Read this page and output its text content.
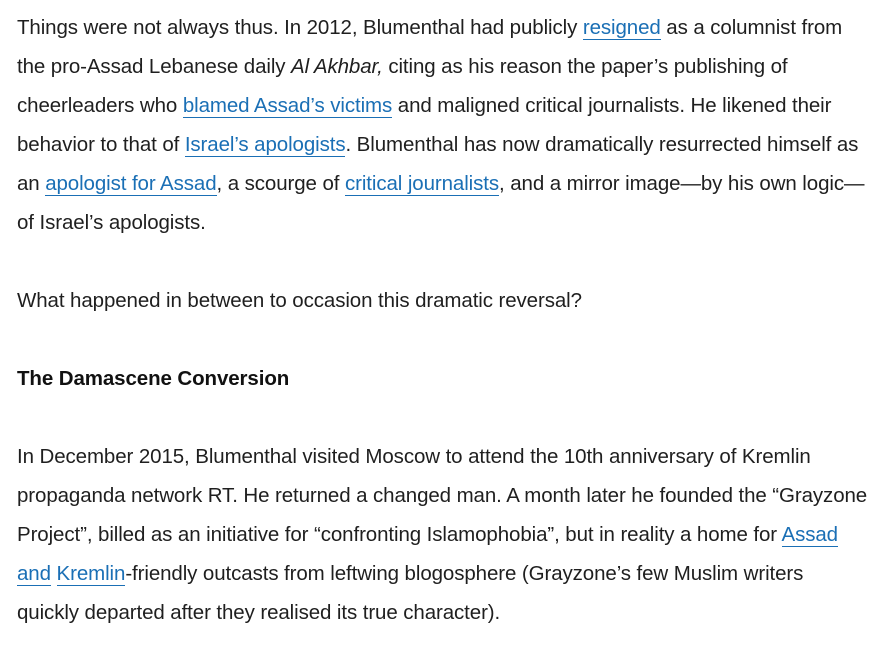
Things were not always thus. In 2012, Blumenthal had publicly resigned as a columnist from the pro-Assad Lebanese daily Al Akhbar, citing as his reason the paper’s publishing of cheerleaders who blamed Assad’s victims and maligned critical journalists. He likened their behavior to that of Israel’s apologists. Blumenthal has now dramatically resurrected himself as an apologist for Assad, a scourge of critical journalists, and a mirror image—by his own logic—of Israel’s apologists.

What happened in between to occasion this dramatic reversal?

The Damascene Conversion

In December 2015, Blumenthal visited Moscow to attend the 10th anniversary of Kremlin propaganda network RT. He returned a changed man. A month later he founded the “Grayzone Project”, billed as an initiative for “confronting Islamophobia”, but in reality a home for Assad and Kremlin-friendly outcasts from leftwing blogosphere (Grayzone’s few Muslim writers quickly departed after they realised its true character).
